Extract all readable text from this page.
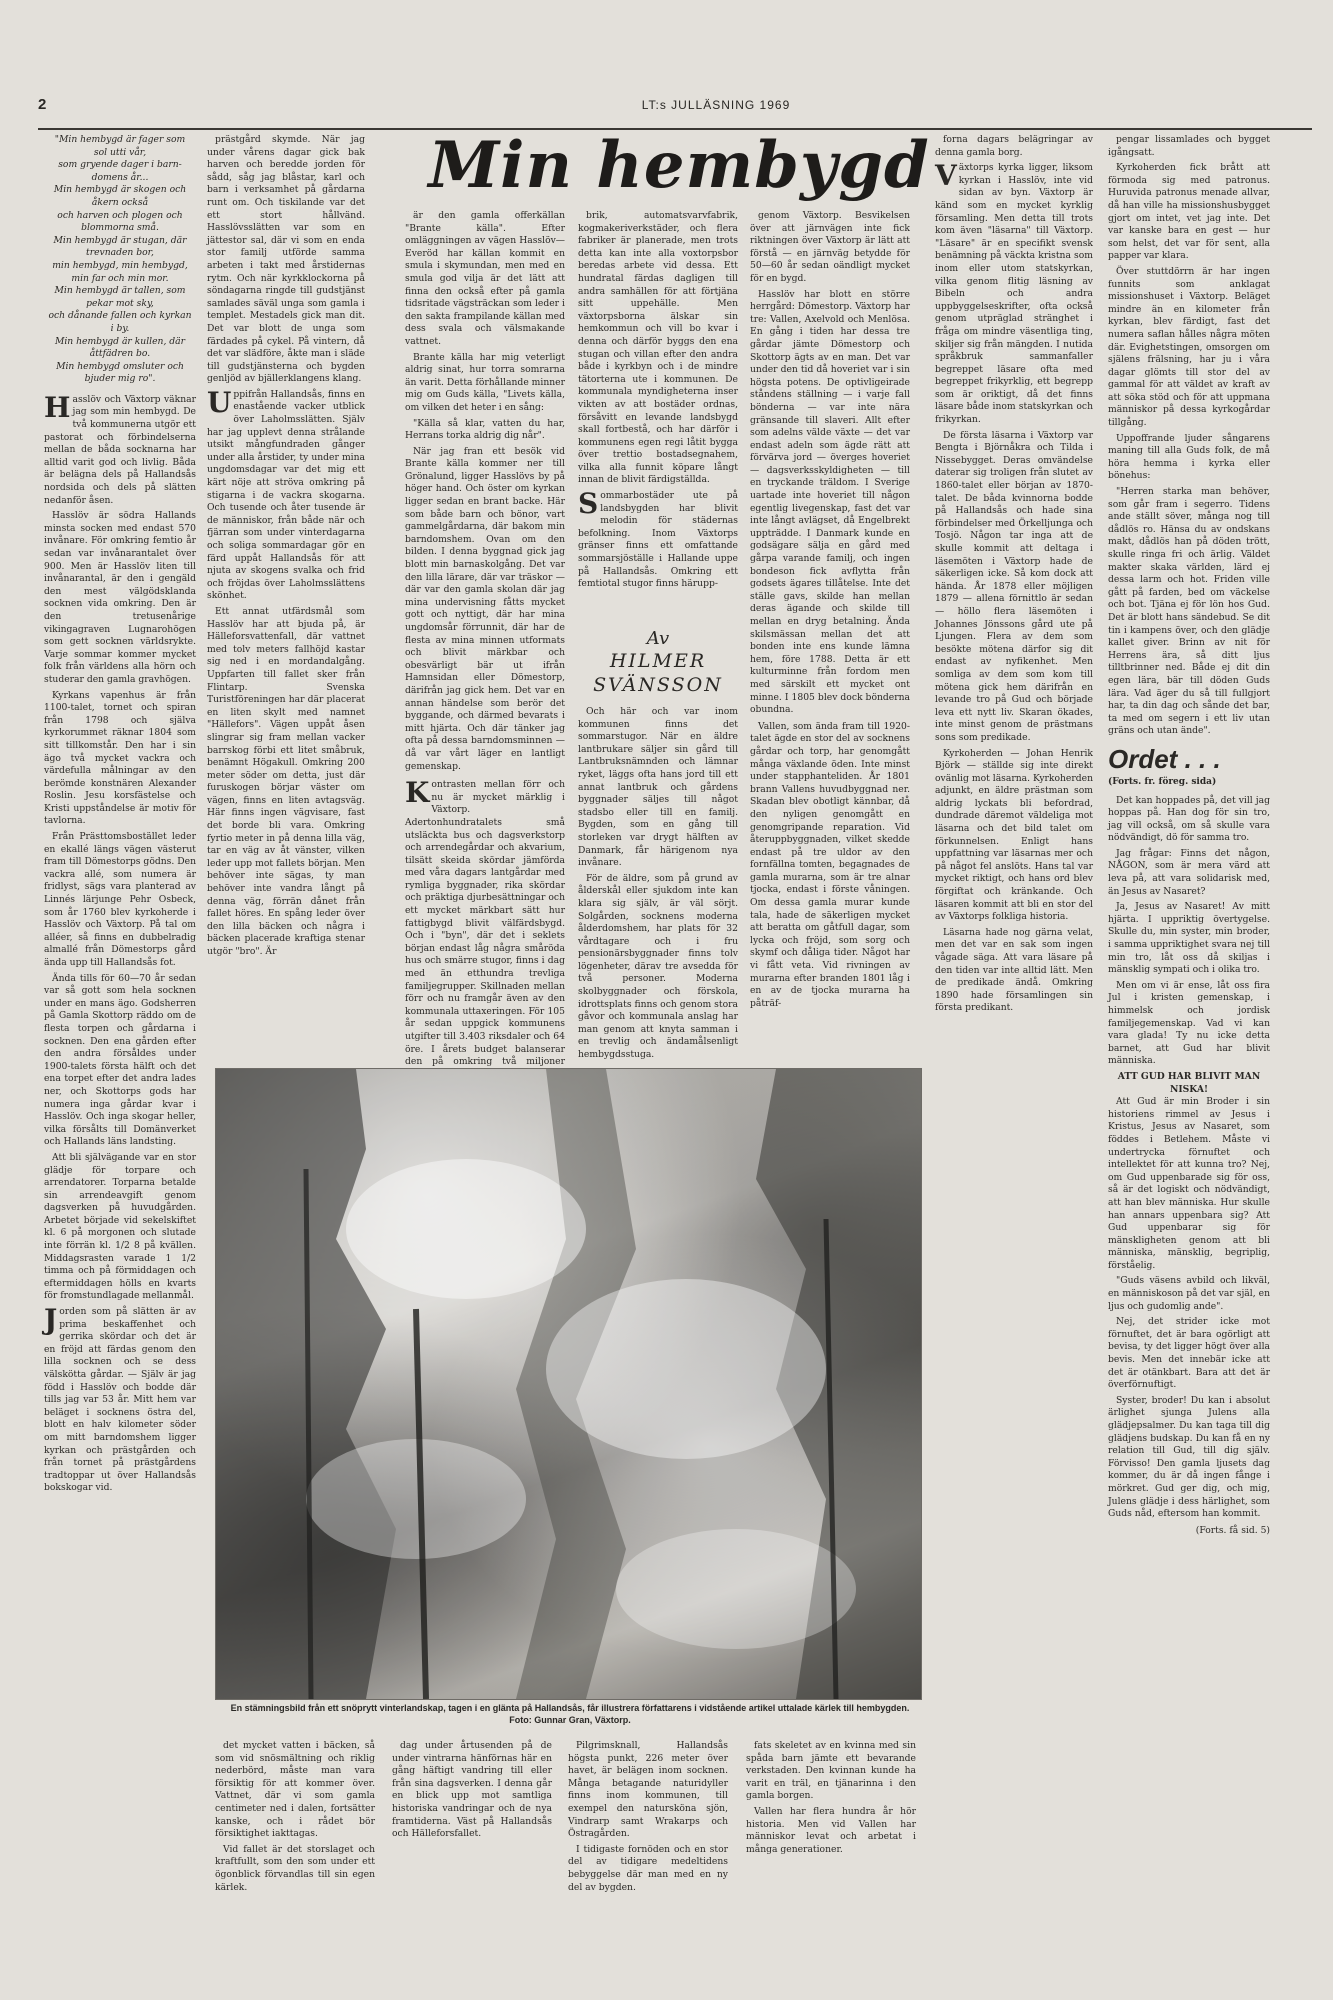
2	LT:s JULLÄSNING 1969
Min hembygd
"Min hembygd är fager som
sol utti vår,
som gryende dager i barn-
domens år...
Min hembygd är skogen och
åkern också
och harven och plogen och
blommorna små.
Min hembygd är stugan, där
trevnaden bor,
min hembygd, min hembygd,
min far och min mor.
Min hembygd är tallen, som
pekar mot sky,
och dånande fallen och kyrkan
i by.
Min hembygd är kullen, där
åttfädren bo.
Min hembygd omsluter och
bjuder mig ro".

Hasslöv och Växtorp väknar jag som min hembygd. De två kommunerna utgör ett pastorat och förbindelserna mellan de båda socknarna har alltid varit god och livlig. Båda är belägna dels på Hallandsås nordsida och dels på slätten nedanför åsen.

Hasslöv är södra Hallands minsta socken med endast 570 invånare. För omkring femtio år sedan var invånarantalet över 900. Men är Hasslöv liten till invånarantal, är den i gengäld den mest välgödsklanda socknen vida omkring. Den är den tretusenårige vikingagraven Lugnarohögen som gett socknen världsrykte. Varje sommar kommer mycket folk från världens alla hörn och studerar den gamla gravhögen.

Kyrkans vapenhus är från 1100-talet, tornet och spiran från 1798 och själva kyrkorummet räknar 1804 som sitt tillkomstår. Den har i sin ägo två mycket vackra och värdefulla målningar av den berömde konstnären Alexander Roslin. Jesu korsfästelse och Kristi uppståndelse är motiv för tavlorna.

Från Prästtomsbostället leder en ekallé längs vägen västerut fram till Dömestorps gödns. Den vackra allé, som numera är fridlyst, sägs vara planterad av Linnés lärjunge Pehr Osbeck, som år 1760 blev kyrkoherde i Hasslöv och Växtorp. På tal om alléer, så finns en dubbelradig almallé från Dömestorps gård ända upp till Hallandsås fot.

Ända tills för 60—70 år sedan var så gott som hela socknen under en mans ägo. Godsherren på Gamla Skottorp räddo om de flesta torpen och gårdarna i socknen. Den ena gården efter den andra försåldes under 1900-talets första hälft och det ena torpet efter det andra lades ner, och Skottorps gods har numera inga gårdar kvar i Hasslöv. Och inga skogar heller, vilka försålts till Domänverket och Hallands läns landsting.

Att bli självägande var en stor glädje för torpare och arrendatorer. Torparna betalde sin arrendeavgift genom dagsverken på huvudgården. Arbetet började vid sekelskiftet kl. 6 på morgonen och slutade inte förrän kl. 1/2 8 på kvällen. Middagsrasten varade 1 1/2 timma och på förmiddagen och eftermiddagen hölls en kvarts för fromstundlagade mellanmål.

Jorden som på slätten är av prima beskaffenhet och gerrika skördar och det är en fröjd att färdas genom den lilla socknen och se dess välskötta gårdar. — Själv är jag född i Hasslöv och bodde där tills jag var 53 år. Mitt hem var beläget i socknens östra del, blott en halv kilometer söder om mitt barndomshem ligger kyrkan och prästgården och från tornet på prästgårdens tradtoppar ut över Hallandsås bokskogar vid.

prästgård skymde. När jag under vårens dagar gick bak harven och beredde jorden för sådd, såg jag blåstar, karl och barn i verksamhet på gårdarna runt om. Och tiskilande var det ett stort hållvänd. Hasslövsslätten var som en jättestor sal, där vi som en enda stor familj utförde samma arbeten i takt med årstidernas rytm. Och när kyrkklockorna på söndagarna ringde till gudstjänst samlades säväl unga som gamla i templet. Mestadels gick man dit. Det var blott de unga som färdades på cykel. På vintern, då det var slädföre, åkte man i släde till gudstjänsterna och bygden genljöd av bjällerklangens klang.

Uppifrån Hallandsås, finns en enastående vacker utblick över Laholmsslätten. Själv har jag upplevt denna strålande utsikt mångfundraden gånger under alla årstider, ty under mina ungdomsdagar var det mig ett kärt nöje att ströva omkring på stigarna i de vackra skogarna. Och tusende och åter tusende är de människor, från både när och fjärran som under vinterdagarna och soliga sommardagar gör en färd uppåt Hallandsås för att njuta av skogens svalka och frid och fröjdas över Laholmsslättens skönhet.

Ett annat utfärdsmål som Hasslöv har att bjuda på, är Hälleforsvattenfall, där vattnet med tolv meters fallhöjd kastar sig ned i en mordandalgång. Uppfarten till fallet sker från Flintarp. Svenska Turistföreningen har där placerat en liten skylt med namnet "Hällefors". Vägen uppåt åsen slingrar sig fram mellan vacker barrskog förbi ett litet småbruk, benämnt Högakull. Omkring 200 meter söder om detta, just där furuskogen börjar väster om vägen, finns en liten avtagsväg. Här finns ingen vägvisare, fast det borde bli vara. Omkring fyrtio meter in på denna lilla väg, tar en väg av åt vänster, vilken leder upp mot fallets början. Men behöver inte sägas, ty man behöver inte vandra långt på denna väg, förrän dånet från fallet höres. En spång leder över den lilla bäcken och några i bäcken placerade kraftiga stenar utgör "bro". Är

är den gamla offerkällan "Brante källa". Efter omläggningen av vägen Hasslöv—Everöd har källan kommit en smula i skymundan, men med en smula god vilja är det lätt att finna den också efter på gamla tidsritade vägsträckan som leder i den sakta frampilande källan med dess svala och välsmakande vattnet.

Brante källa har mig veterligt aldrig sinat, hur torra somrarna än varit. Detta förhållande minner mig om Guds källa, "Livets källa, om vilken det heter i en sång:

"Källa så klar, vatten du har, Herrans torka aldrig dig når".

När jag fran ett besök vid Brante källa kommer ner till Grönalund, ligger Hasslövs by på höger hand. Och öster om kyrkan ligger sedan en brant backe. Här som både barn och bönor, vart gammelgårdarna, där bakom min barndomshem. Ovan om den bilden. I denna byggnad gick jag blott min barnaskolgång. Det var den lilla lärare, där var träskor — där var den gamla skolan där jag mina undervisning fåtts mycket gott och nyttigt, där har mina ungdomsår förrunnit, där har de flesta av mina minnen utformats och blivit märkbar och obesvärligt bär ut ifrån Hamnsidan eller Dömestorp, därifrån jag gick hem. Det var en annan händelse som berör det byggande, och därmed bevarats i mitt hjärta. Och där tänker jag ofta på dessa barndomsminnen — då var vårt läger en lantligt gemenskap.

Kontrasten mellan förr och nu är mycket märklig i Växtorp. Adertonhundratalets små utsläckta bus och dagsverkstorp och arrendegårdar och akvarium, tilsätt skeida skördar jämförda med våra dagars lantgårdar med rymliga byggnader, rika skördar och präktiga djurbesättningar och ett mycket märkbart sätt hur fattigbygd blivit välfärdsbygd. Och i "byn", där det i seklets början endast låg några småröda hus och smärre stugor, finns i dag med än etthundra trevliga familjegrupper. Skillnaden mellan förr och nu framgår även av den kommunala uttaxeringen. För 105 år sedan uppgick kommunens utgifter till 3.403 riksdaler och 64 öre. I årets budget balanserar den på omkring två miljoner

brik, automatsvarvfabrik, kogmakeriverkstäder, och flera fabriker är planerade, men trots detta kan inte alla voxtorpsbor beredas arbete vid dessa. Ett hundratal färdas dagligen till andra samhällen för att förtjäna sitt uppehälle. Men växtorpsborna älskar sin hemkommun och vill bo kvar i denna och därför byggs den ena stugan och villan efter den andra både i kyrkbyn och i de mindre tätorterna ute i kommunen. De kommunala myndigheterna inser vikten av att bostäder ordnas, försåvitt en levande landsbygd skall fortbestå, och har därför i kommunens egen regi låtit bygga över trettio bostadsegnahem, vilka alla funnit köpare långt innan de blivit färdigställda.

Sommarbostäder ute på landsbygden har blivit melodin för städernas befolkning. Inom Växtorps gränser finns ett omfattande sommarsjöställe i Hallande uppe på Hallandsås. Omkring ett femtiotal stugor finns härupp-

Av
HILMER
SVÄNSSON

Och här och var inom kommunen finns det sommarstugor. När en äldre lantbrukare säljer sin gård till Lantbruksnämnden och lämnar ryket, läggs ofta hans jord till ett annat lantbruk och gårdens byggnader säljes till något stadsbo eller till en familj. Bygden, som en gång till storleken var drygt hälften av Danmark, får härigenom nya invånare.

För de äldre, som på grund av ålderskål eller sjukdom inte kan klara sig själv, är väl sörjt. Solgården, socknens moderna ålderdomshem, har plats för 32 vårdtagare och i fru pensionärsbyggnader finns tolv lögenheter, därav tre avsedda för två personer. Moderna skolbyggnader och förskola, idrottsplats finns och genom stora gåvor och kommunala anslag har man genom att knyta samman i en trevlig och ändamålsenligt hembygdsstuga.

genom Växtorp. Besvikelsen över att järnvägen inte fick riktningen över Växtorp är lätt att förstå — en järnväg betydde för 50—60 år sedan oändligt mycket för en bygd.

Hasslöv har blott en större herrgård: Dömestorp. Växtorp har tre: Vallen, Axelvold och Menlösa. En gång i tiden har dessa tre gårdar jämte Dömestorp och Skottorp ägts av en man. Det var under den tid då hoveriet var i sin högsta potens. De optivligeirade ståndens ställning — i varje fall bönderna — var inte nära gränsande till slaveri. Allt efter som adelns välde växte — det var endast adeln som ägde rätt att förvärva jord — överges hoveriet — dagsverksskyldigheten — till en tryckande träldom. I Sverige uartade inte hoveriet till någon egentlig livegenskap, fast det var inte långt avlägset, då Engelbrekt uppträdde. I Danmark kunde en godsägare sälja en gård med gårpa varande familj, och ingen bondeson fick avflytta från godsets ägares tillåtelse. Inte det ställe gavs, skilde han mellan deras ägande och skilde till mellan en dryg betalning. Ända skilsmässan mellan det att bonden inte ens kunde lämna hem, före 1788. Detta är ett kulturminne från fordom men med särskilt ett mycket ont minne. I 1805 blev dock bönderna obundna.

Vallen, som ända fram till 1920-talet ägde en stor del av socknens gårdar och torp, har genomgått många växlande öden. Inte minst under stapphanteliden. År 1801 brann Vallens huvudbyggnad ner. Skadan blev obotligt kännbar, då den nyligen genomgått en genomgripande reparation. Vid återuppbyggnaden, vilket skedde endast på tre uldor av den fornfällna tomten, begagnades de gamla murarna, som är tre alnar tjocka, endast i förste våningen. Om dessa gamla murar kunde tala, hade de säkerligen mycket att beratta om gåtfull dagar, som lycka och fröjd, som sorg och skymf och dåliga tider. Något har vi fått veta. Vid rivningen av murarna efter branden 1801 låg i en av de tjocka murarna ha påträf-

forna dagars belägringar av denna gamla borg.

Växtorps kyrka ligger, liksom kyrkan i Hasslöv, inte vid sidan av byn. Växtorp är känd som en mycket kyrklig församling. Men detta till trots kom även "läsarna" till Växtorp. "Läsare" är en specifikt svensk benämning på väckta kristna som inom eller utom statskyrkan, vilka genom flitig läsning av Bibeln och andra uppbyggelseskrifter, ofta också genom utpräglad stränghet i fråga om mindre väsentliga ting, skiljer sig från mängden. I nutida språkbruk sammanfaller begreppet läsare ofta med begreppet frikyrklig, ett begrepp som är oriktigt, då det finns läsare både inom statskyrkan och frikyrkan.

De första läsarna i Växtorp var Bengta i Björnåkra och Tilda i Nissebygget. Deras omvändelse daterar sig troligen från slutet av 1860-talet eller början av 1870-talet. De båda kvinnorna bodde på Hallandsås och hade sina förbindelser med Örkelljunga och Tosjö. Någon tar inga att de skulle kommit att deltaga i läsemöten i Växtorp hade de säkerligen icke. Så kom dock att hända. År 1878 eller möjligen 1879 — allena förnittlo är sedan — höllo flera läsemöten i Johannes Jönssons gård ute på Ljungen. Flera av dem som besökte mötena därfor sig dit endast av nyfikenhet. Men somliga av dem som kom till mötena gick hem därifrån en levande tro på Gud och började leva ett nytt liv. Skaran ökades, inte minst genom de prästmans sons som predikade.

Kyrkoherden — Johan Henrik Björk — ställde sig inte direkt ovänlig mot läsarna. Kyrkoherden adjunkt, en äldre prästman som aldrig lyckats bli befordrad, dundrade däremot väldeliga mot läsarna och det bild talet om förkunnelsen. Enligt hans uppfattning var läsarnas mer och på något fel anslöts. Hans tal var mycket riktigt, och hans ord blev förgiftat och kränkande. Och läsaren kommit att bli en stor del av Växtorps folkliga historia.

Läsarna hade nog gärna velat, men det var en sak som ingen vågade säga. Att vara läsare på den tiden var inte alltid lätt. Men de predikade ändå. Omkring 1890 hade församlingen sin första predikant.

pengar lissamlades och bygget igångsatt.

Kyrkoherden fick brått att förmoda sig med patronus. Huruvida patronus menade allvar, då han ville ha missionshusbygget gjort om intet, vet jag inte. Det var kanske bara en gest — hur som helst, det var för sent, alla papper var klara.

Över stuttdörrn är har ingen funnits som anklagat missionshuset i Växtorp. Beläget mindre än en kilometer från kyrkan, blev färdigt, fast det numera saflan hålles några möten där. Evighetstingen, omsorgen om själens frälsning, har ju i våra dagar glömts till stor del av gammal för att väldet av kraft av att söka stöd och för att uppmana människor på dessa kyrkogårdar tillgång.

Uppoffrande ljuder sångarens maning till alla Guds folk, de må höra hemma i kyrka eller bönehus:

"Herren starka man behöver, som går fram i segerro. Tidens ande ställt söver, många nog till dådlös ro. Hänsa du av ondskans makt, dådlös han på döden trött, skulle ringa fri och ärlig. Väldet makter skaka världen, lärd ej dessa larm och hot. Friden ville gått på farden, bed om väckelse och bot. Tjäna ej för lön hos Gud. Det är blott hans sändebud. Se dit tin i kampens över, och den glädje kallet giver. Brinn av nit för Herrens ära, så ditt ljus tilltbrinner ned. Både ej dit din egen lära, bär till döden Guds lära. Vad äger du så till fullgjort har, ta din dag och sånde det bar, ta med om segern i ett liv utan gräns och utan ände".

Ordet . . .
(Forts. fr. föreg. sida)

Det kan hoppades på, det vill jag hoppas på. Han dog för sin tro, jag vill också, om så skulle vara nödvändigt, dö för samma tro.

Jag frågar: Finns det någon, NÅGON, som är mera värd att leva på, att vara solidarisk med, än Jesus av Nasaret?

Ja, Jesus av Nasaret! Av mitt hjärta. I uppriktig övertygelse. Skulle du, min syster, min broder, i samma uppriktighet svara nej till min tro, låt oss då skiljas i mänsklig sympati och i olika tro.

Men om vi är ense, låt oss fira Jul i kristen gemenskap, i himmelsk och jordisk familjegemenskap. Vad vi kan vara glada! Ty nu icke detta barnet, att Gud har blivit människa.

ATT GUD HAR BLIVIT MAN NISKA!

Att Gud är min Broder i sin historiens rimmel av Jesus i Kristus, Jesus av Nasaret, som föddes i Betlehem. Måste vi undertrycka förnuftet och intellektet för att kunna tro? Nej, om Gud uppenbarade sig för oss, så är det logiskt och nödvändigt, att han blev människa. Hur skulle han annars uppenbara sig? Att Gud uppenbarar sig för mänskligheten genom att bli människa, mänsklig, begriplig, förståelig.

"Guds väsens avbild och likväl, en människoson på det var själ, en ljus och gudomlig ande".

Nej, det strider icke mot förnuftet, det är bara ogörligt att bevisa, ty det ligger högt över alla bevis. Men det innebär icke att det är otänkbart. Bara att det är överförnuftigt.

Syster, broder! Du kan i absolut ärlighet sjunga Julens alla glädjepsalmer. Du kan taga till dig glädjens budskap. Du kan få en ny relation till Gud, till dig själv. Förvisso! Den gamla ljusets dag kommer, du är då ingen fånge i mörkret. Gud ger dig, och mig, Julens glädje i dess härlighet, som Guds nåd, eftersom han kommit.

(Forts. få sid. 5)
En stämningsbild från ett snöprytt vinterlandskap, tagen i en glänta på Hallandsås, får illustrera författarens i vidstående artikel uttalade kärlek till hembygden. Foto: Gunnar Gran, Växtorp.

det mycket vatten i bäcken, så som vid snösmältning och riklig nederbörd, måste man vara försiktig för att kommer över. Vattnet, där vi som gamla centimeter ned i dalen, fortsätter kanske, och i rådet bör försiktighet iakttagas.

Vid fallet är det storslaget och kraftfullt, som den som under ett ögonblick förvandlas till sin egen kärlek.

dag under årtusenden på de under vintrarna hänförnas här en gång häftigt vandring till eller från sina dagsverken. I denna går en blick upp mot samtliga historiska vandringar och de nya framtiderna. Väst på Hallandsås och Hälleforsfallet.

Pilgrimsknall, Hallandsås högsta punkt, 226 meter över havet, är belägen inom socknen. Många betagande naturidyller finns inom kommunen, till exempel den natursköna sjön, Vindrarp samt Wrakarps och Östragården.

I tidigaste fornöden och en stor del av tidigare medeltidens bebyggelse där man med en ny del av bygden.

fats skeletet av en kvinna med sin spåda barn jämte ett bevarande verkstaden. Den kvinnan kunde ha varit en träl, en tjänarinna i den gamla borgen.

Vallen har flera hundra år hör historia. Men vid Vallen har människor levat och arbetat i många generationer.
